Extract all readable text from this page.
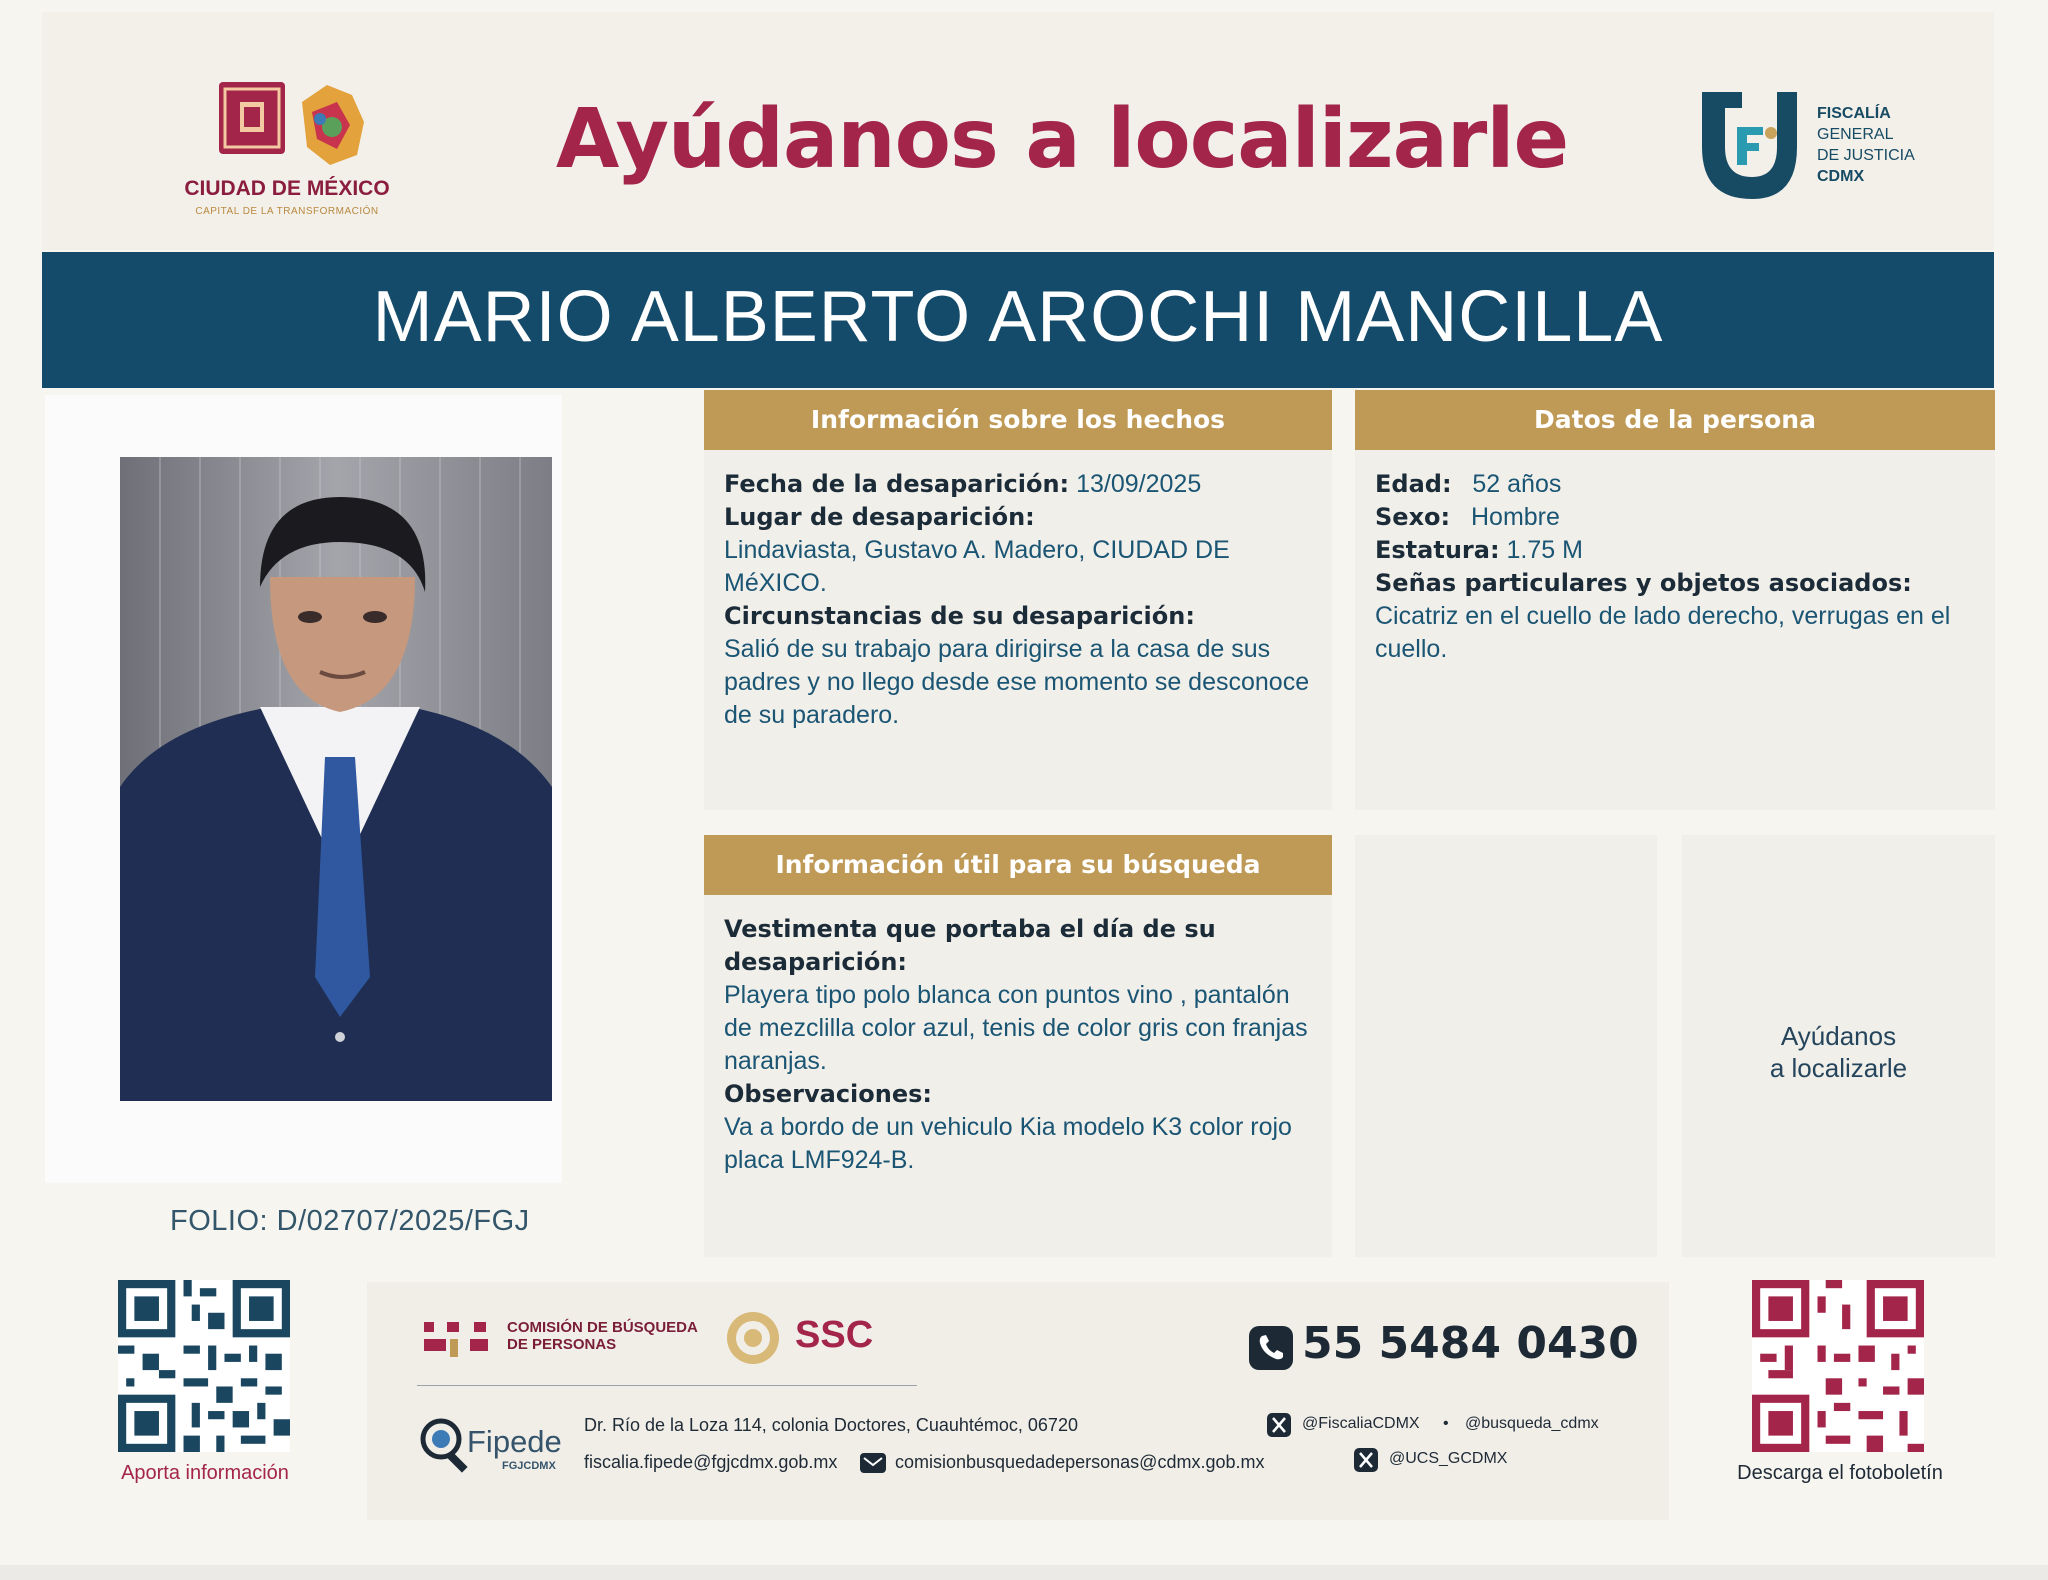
CIUDAD DE MÉXICO
CAPITAL DE LA TRANSFORMACIÓN
Ayúdanos a localizarle	FISCALÍA
GENERAL
DE JUSTICIA
CDMX
MARIO ALBERTO AROCHI MANCILLA
FOLIO: D/02707/2025/FGJ
Información sobre los hechos

Fecha de la desaparición: 13/09/2025

Lugar de desaparición:

Lindaviasta, Gustavo A. Madero, CIUDAD DE MéXICO.

Circunstancias de su desaparición:

Salió de su trabajo para dirigirse a la casa de sus padres y no llego desde ese momento se desconoce de su paradero.

Datos de la persona

Edad: 52 años

Sexo: Hombre

Estatura: 1.75 M

Señas particulares y objetos asociados:

Cicatriz en el cuello de lado derecho, verrugas en el cuello.

Información útil para su búsqueda

Vestimenta que portaba el día de su desaparición:

Playera tipo polo blanca con puntos vino , pantalón de mezclilla color azul, tenis de color gris con franjas naranjas.

Observaciones:

Va a bordo de un vehiculo Kia modelo K3 color rojo placa LMF924-B.

Ayúdanos
a localizarle
Aporta información	Descarga el fotoboletín
COMISIÓN DE BÚSQUEDA
DE PERSONAS	SSC	55 5484 0430
Fipede
FGJCDMX
Dr. Río de la Loza 114, colonia Doctores, Cuauhtémoc, 06720
fiscalia.fipede@fgjcdmx.gob.mx	comisionbusquedadepersonas@cdmx.gob.mx
@FiscaliaCDMX • @busqueda_cdmx
@UCS_GCDMX
